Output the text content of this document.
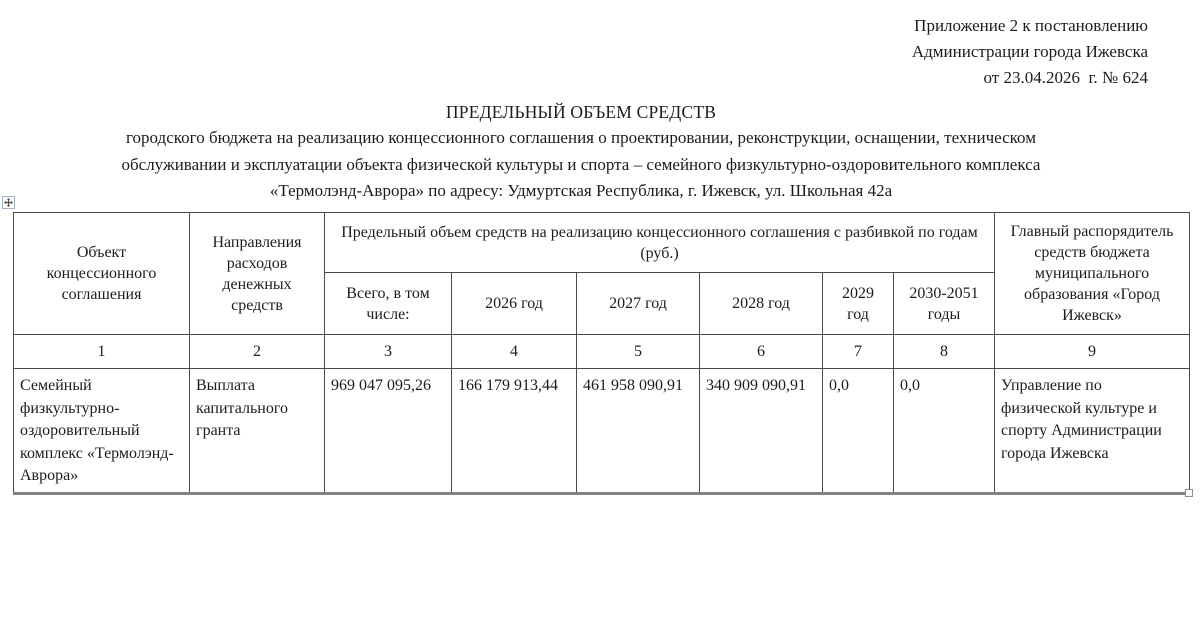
Приложение 2 к постановлению
Администрации города Ижевска
от 23.04.2026  г. № 624
ПРЕДЕЛЬНЫЙ ОБЪЕМ СРЕДСТВ
городского бюджета на реализацию концессионного соглашения о проектировании, реконструкции, оснащении, техническом
обслуживании и эксплуатации объекта физической культуры и спорта – семейного физкультурно-оздоровительного комплекса
«Термолэнд-Аврора» по адресу: Удмуртская Республика, г. Ижевск, ул. Школьная 42а
Объект концессионного соглашения	Направления расходов денежных средств	Предельный объем средств на реализацию концессионного соглашения с разбивкой по годам (руб.)						Главный распорядитель средств бюджета муниципального образования «Город Ижевск»
		Всего, в том числе:	2026 год	2027 год	2028 год	2029 год	2030-2051 годы	
1	2	3	4	5	6	7	8	9
Семейный физкультурно-оздоровительный комплекс «Термолэнд-Аврора»	Выплата капитального гранта	969 047 095,26	166 179 913,44	461 958 090,91	340 909 090,91	0,0	0,0	Управление по физической культуре и спорту Администрации города Ижевска
